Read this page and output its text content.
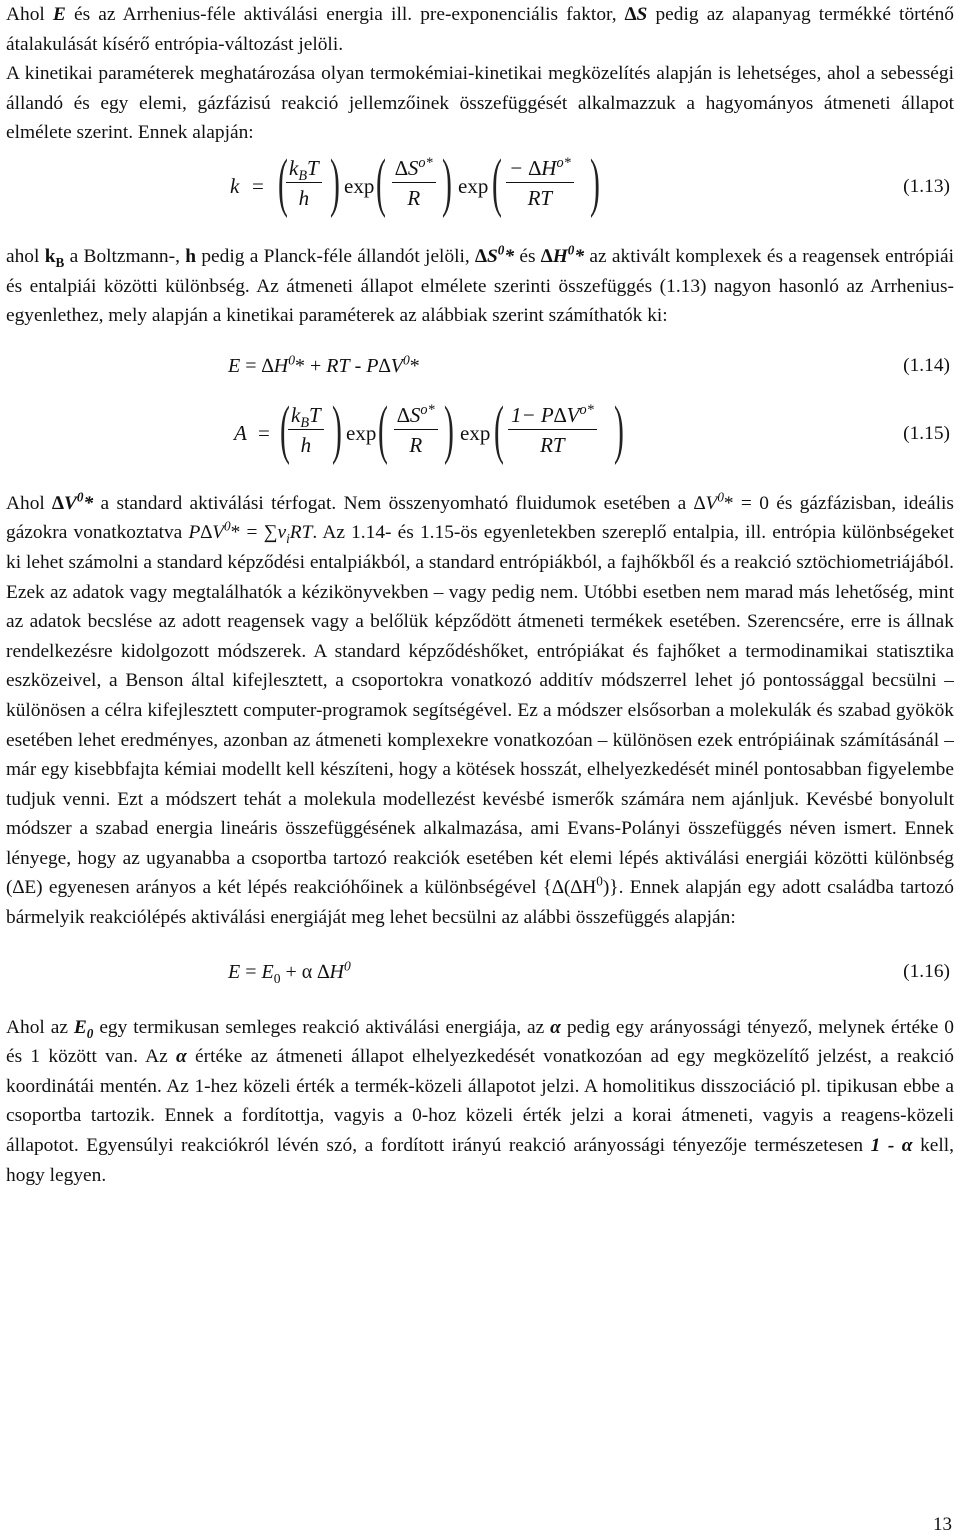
Ahol E és az Arrhenius-féle aktiválási energia ill. pre-exponenciális faktor, ∆S pedig az alapanyag termékké történő átalakulását kísérő entrópia-változást jelöli.

A kinetikai paraméterek meghatározása olyan termokémiai-kinetikai megközelítés alapján is lehetséges, ahol a sebességi állandó és egy elemi, gázfázisú reakció jellemzőinek összefüggését alkalmazzuk a hagyományos átmeneti állapot elmélete szerint. Ennek alapján:

k = ( $k_BT$
h ) exp ( $\frac{\Delta S^{o*}}{R}$ ) exp ( $\frac{- \Delta H^{o*}}{RT}$ )	(1.13)

ahol $k_B$ a Boltzmann-, h pedig a Planck-féle állandót jelöli, $\Delta S^0*$ és $\Delta H^0*$ az aktivált komplexek és a reagensek entrópiái és entalpiái közötti különbség. Az átmeneti állapot elmélete szerinti összefüggés (1.13) nagyon hasonló az Arrhenius-egyenlethez, mely alapján a kinetikai paraméterek az alábbiak szerint számíthatók ki:

$E = \Delta H^0*$ + RT - $P\Delta V^0*$	(1.14)
A = ( $k_BT$
h ) exp ( $\frac{\Delta S^{o*}}{R}$ ) exp ( $\frac{1- P\Delta V^{o*}}{RT}$ )	(1.15)

Ahol $\Delta V^0*$ a standard aktiválási térfogat. Nem összenyomható fluidumok esetében a $\Delta V^0* = 0$ és gázfázisban, ideális gázokra vonatkoztatva $P\Delta V^0* = \sum v_iRT$. Az 1.14- és 1.15-ös egyenletekben szereplő entalpia, ill. entrópia különbségeket ki lehet számolni a standard képződési entalpiákból, a standard entrópiákból, a fajhőkből és a reakció sztöchiometriájából. Ezek az adatok vagy megtalálhatók a kézikönyvekben – vagy pedig nem. Utóbbi esetben nem marad más lehetőség, mint az adatok becslése az adott reagensek vagy a belőlük képződött átmeneti termékek esetében. Szerencsére, erre is állnak rendelkezésre kidolgozott módszerek. A standard képződéshőket, entrópiákat és fajhőket a termodinamikai statisztika eszközeivel, a Benson által kifejlesztett, a csoportokra vonatkozó additív módszerrel lehet jó pontossággal becsülni – különösen a célra kifejlesztett computer-programok segítségével. Ez a módszer elsősorban a molekulák és szabad gyökök esetében lehet eredményes, azonban az átmeneti komplexekre vonatkozóan – különösen ezek entrópiáinak számításánál – már egy kisebbfajta kémiai modellt kell készíteni, hogy a kötések hosszát, elhelyezkedését minél pontosabban figyelembe tudjuk venni. Ezt a módszert tehát a molekula modellezést kevésbé ismerők számára nem ajánljuk. Kevésbé bonyolult módszer a szabad energia lineáris összefüggésének alkalmazása, ami Evans-Polányi összefüggés néven ismert. Ennek lényege, hogy az ugyanabba a csoportba tartozó reakciók esetében két elemi lépés aktiválási energiái közötti különbség (∆E) egyenesen arányos a két lépés reakcióhőinek a különbségével $\{\Delta(\Delta H^0)\}$. Ennek alapján egy adott családba tartozó bármelyik reakciólépés aktiválási energiáját meg lehet becsülni az alábbi összefüggés alapján:

$E = E_0 + \alpha$ $\Delta H^0$	(1.16)

Ahol az $E_0$ egy termikusan semleges reakció aktiválási energiája, az α pedig egy arányossági tényező, melynek értéke 0 és 1 között van. Az α értéke az átmeneti állapot elhelyezkedését vonatkozóan ad egy megközelítő jelzést, a reakció koordinátái mentén. Az 1-hez közeli érték a termék-közeli állapotot jelzi. A homolitikus disszociáció pl. tipikusan ebbe a csoportba tartozik. Ennek a fordítottja, vagyis a 0-hoz közeli érték jelzi a korai átmeneti, vagyis a reagens-közeli állapotot. Egyensúlyi reakciókról lévén szó, a fordított irányú reakció arányossági tényezője természetesen 1 - α kell, hogy legyen.

13
